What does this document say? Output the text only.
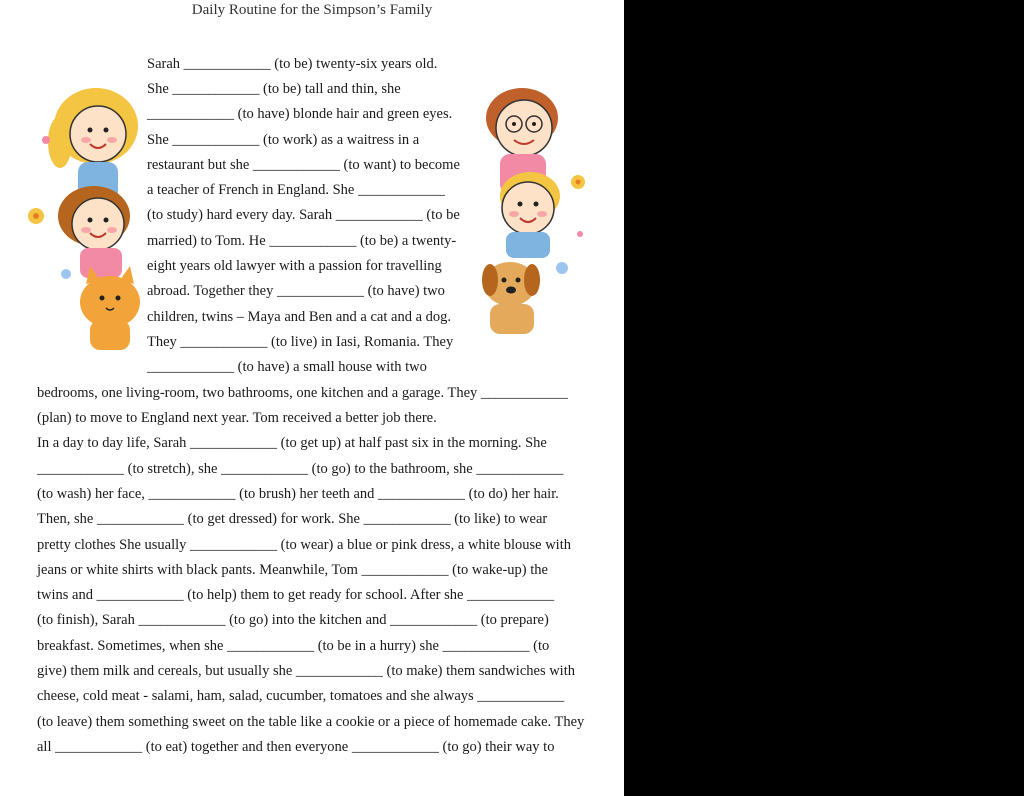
Daily Routine for the Simpson’s Family
Sarah ____________ (to be) twenty-six years old.
She ____________ (to be) tall and thin, she
____________ (to have) blonde hair and green eyes.
She ____________ (to work) as a waitress in a
restaurant but she ____________ (to want) to become
a teacher of French in England. She ____________
(to study) hard every day. Sarah ____________ (to be
married) to Tom. He ____________ (to be) a twenty-
eight years old lawyer with a passion for travelling
abroad. Together they ____________ (to have) two
children, twins – Maya and Ben and a cat and a dog.
They ____________ (to live) in Iasi, Romania. They
____________ (to have) a small house with two
bedrooms, one living-room, two bathrooms, one kitchen and a garage. They ____________
(plan) to move to England next year. Tom received a better job there.
In a day to day life, Sarah ____________ (to get up) at half past six in the morning. She
____________ (to stretch), she ____________ (to go) to the bathroom, she ____________
(to wash) her face, ____________ (to brush) her teeth and ____________ (to do) her hair.
Then, she ____________ (to get dressed) for work. She ____________ (to like) to wear
pretty clothes She usually ____________ (to wear) a blue or pink dress, a white blouse with
jeans or white shirts with black pants. Meanwhile, Tom ____________ (to wake-up) the
twins and ____________ (to help) them to get ready for school. After she ____________
(to finish), Sarah ____________ (to go) into the kitchen and ____________ (to prepare)
breakfast. Sometimes, when she ____________ (to be in a hurry) she ____________ (to
give) them milk and cereals, but usually she ____________ (to make) them sandwiches with
cheese, cold meat - salami, ham, salad, cucumber, tomatoes and she always ____________
(to leave) them something sweet on the table like a cookie or a piece of homemade cake. They
all ____________ (to eat) together and then everyone ____________ (to go) their way to
